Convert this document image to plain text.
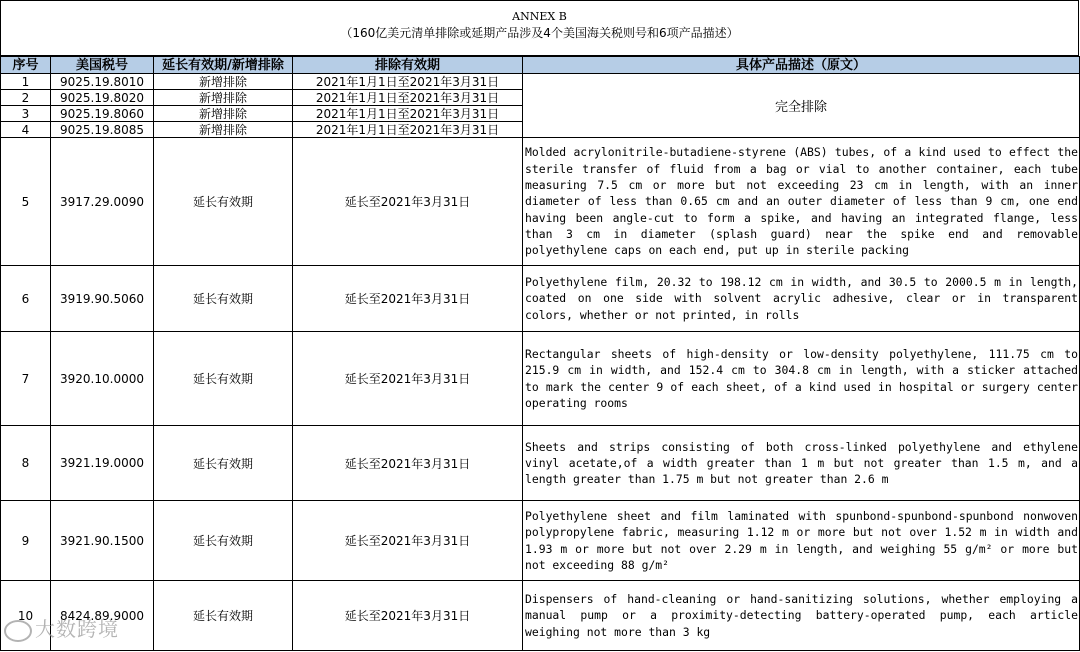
ANNEX B
（160亿美元清单排除或延期产品涉及4个美国海关税则号和6项产品描述）
序号	美国税号	延长有效期/新增排除	排除有效期	具体产品描述（原文）
1	9025.19.8010	新增排除	2021年1月1日至2021年3月31日	完全排除
2	9025.19.8020	新增排除	2021年1月1日至2021年3月31日	
3	9025.19.8060	新增排除	2021年1月1日至2021年3月31日	
4	9025.19.8085	新增排除	2021年1月1日至2021年3月31日	
5	3917.29.0090	延长有效期	延长至2021年3月31日	Molded acrylonitrile-butadiene-styrene (ABS) tubes, of a kind used to effect the sterile transfer of fluid from a bag or vial to another container, each tube measuring 7.5 cm or more but not exceeding 23 cm in length, with an inner diameter of less than 0.65 cm and an outer diameter of less than 9 cm, one end having been angle-cut to form a spike, and having an integrated flange, less than 3 cm in diameter (splash guard) near the spike end and removable polyethylene caps on each end, put up in sterile packing
6	3919.90.5060	延长有效期	延长至2021年3月31日	Polyethylene film, 20.32 to 198.12 cm in width, and 30.5 to 2000.5 m in length, coated on one side with solvent acrylic adhesive, clear or in transparent colors, whether or not printed, in rolls
7	3920.10.0000	延长有效期	延长至2021年3月31日	Rectangular sheets of high-density or low-density polyethylene, 111.75 cm to 215.9 cm in width, and 152.4 cm to 304.8 cm in length, with a sticker attached to mark the center 9 of each sheet, of a kind used in hospital or surgery center operating rooms
8	3921.19.0000	延长有效期	延长至2021年3月31日	Sheets and strips consisting of both cross-linked polyethylene and ethylene vinyl acetate,of a width greater than 1 m but not greater than 1.5 m, and a length greater than 1.75 m but not greater than 2.6 m
9	3921.90.1500	延长有效期	延长至2021年3月31日	Polyethylene sheet and film laminated with spunbond-spunbond-spunbond nonwoven polypropylene fabric, measuring 1.12 m or more but not over 1.52 m in width and 1.93 m or more but not over 2.29 m in length, and weighing 55 g/m² or more but not exceeding 88 g/m²
10	8424.89.9000	延长有效期	延长至2021年3月31日	Dispensers of hand-cleaning or hand-sanitizing solutions, whether employing a manual pump or a proximity-detecting battery-operated pump, each article weighing not more than 3 kg
大数跨境
